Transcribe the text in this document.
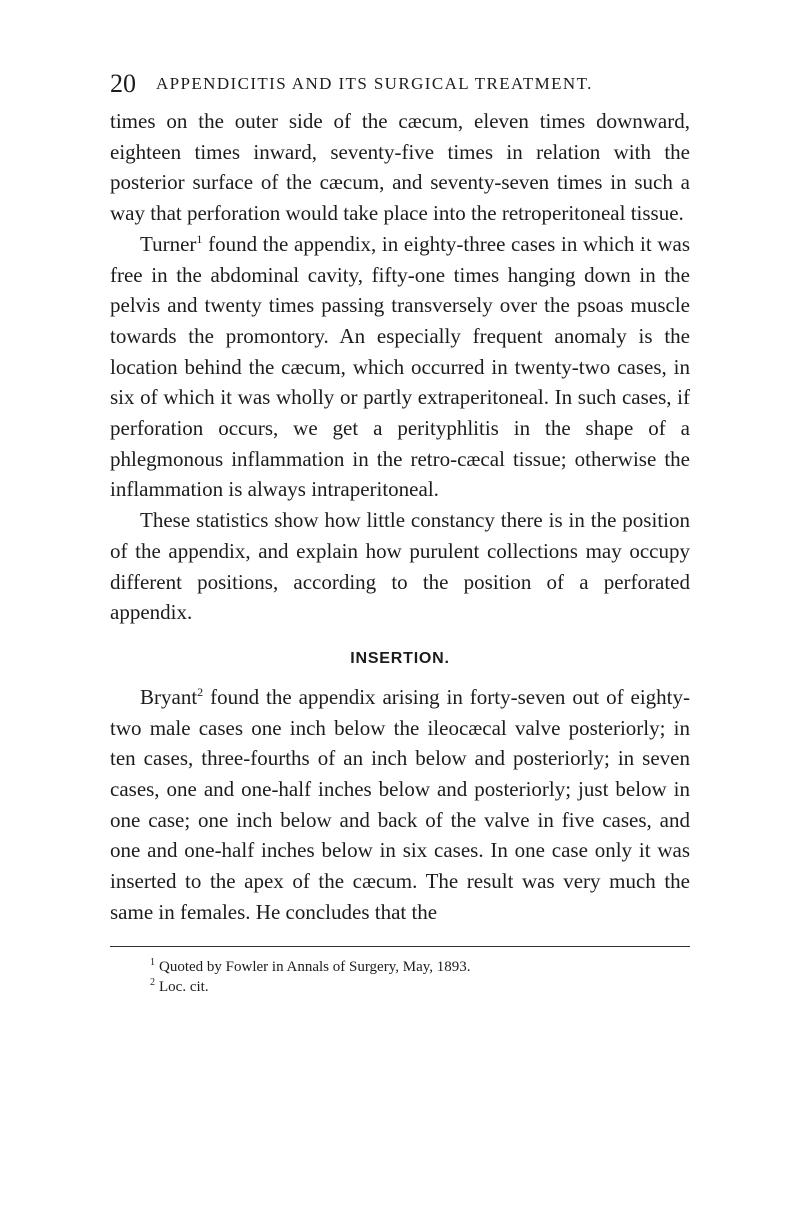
20 APPENDICITIS AND ITS SURGICAL TREATMENT.

times on the outer side of the cæcum, eleven times downward, eighteen times inward, seventy-five times in relation with the posterior surface of the cæcum, and seventy-seven times in such a way that perforation would take place into the retroperitoneal tissue.

Turner$^1$ found the appendix, in eighty-three cases in which it was free in the abdominal cavity, fifty-one times hanging down in the pelvis and twenty times passing transversely over the psoas muscle towards the promontory. An especially frequent anomaly is the location behind the cæcum, which occurred in twenty-two cases, in six of which it was wholly or partly extraperitoneal. In such cases, if perforation occurs, we get a perityphlitis in the shape of a phlegmonous inflammation in the retro-cæcal tissue; otherwise the inflammation is always intraperitoneal.

These statistics show how little constancy there is in the position of the appendix, and explain how purulent collections may occupy different positions, according to the position of a perforated appendix.

INSERTION.

Bryant$^2$ found the appendix arising in forty-seven out of eighty-two male cases one inch below the ileocæcal valve posteriorly; in ten cases, three-fourths of an inch below and posteriorly; in seven cases, one and one-half inches below and posteriorly; just below in one case; one inch below and back of the valve in five cases, and one and one-half inches below in six cases. In one case only it was inserted to the apex of the cæcum. The result was very much the same in females. He concludes that the

$^1$ Quoted by Fowler in Annals of Surgery, May, 1893.
$^2$ Loc. cit.
